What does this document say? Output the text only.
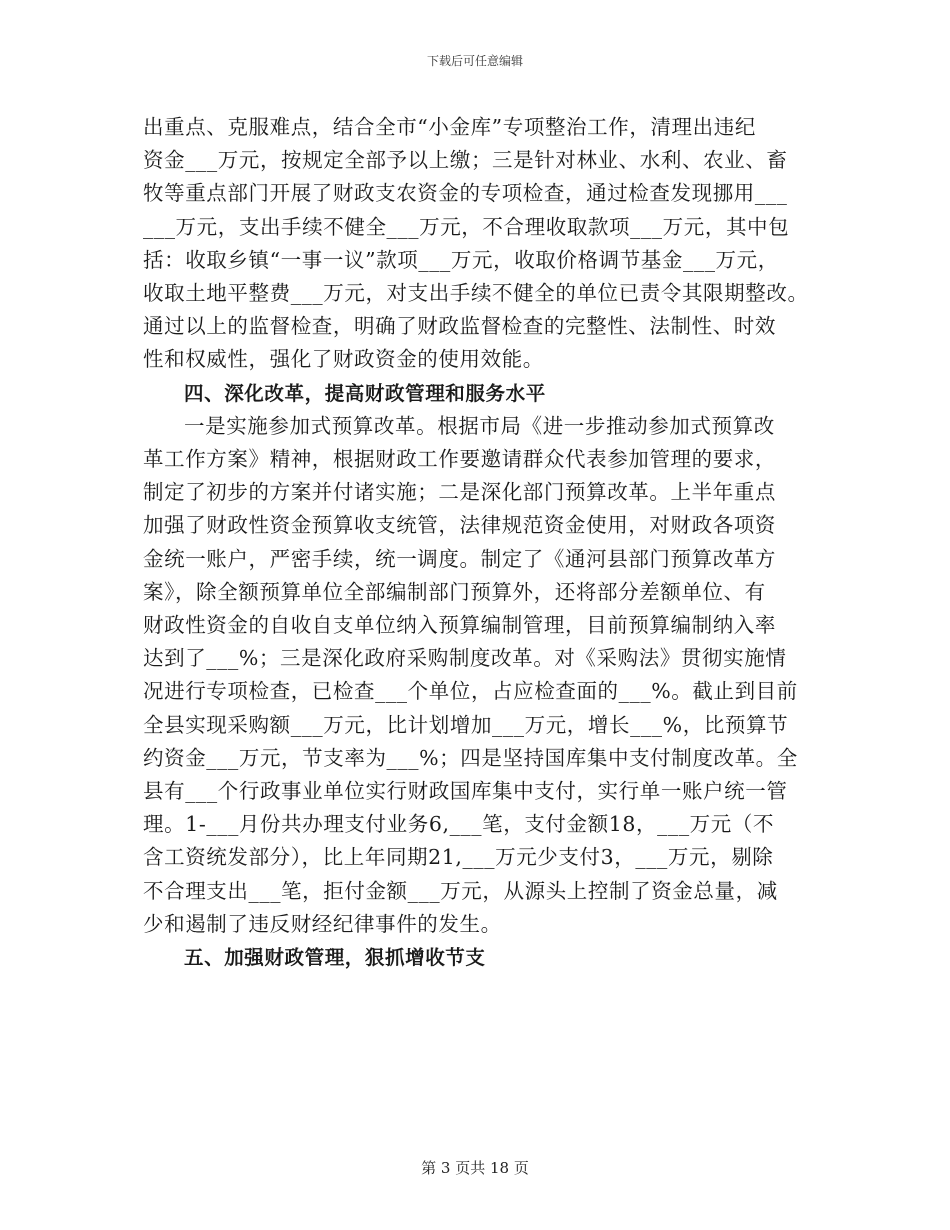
下载后可任意编辑

出重点、克服难点，结合全市“小金库”专项整治工作，清理出违纪

资金___万元，按规定全部予以上缴；三是针对林业、水利、农业、畜

牧等重点部门开展了财政支农资金的专项检查，通过检查发现挪用___

___万元，支出手续不健全___万元，不合理收取款项___万元，其中包

括：收取乡镇“一事一议”款项___万元，收取价格调节基金___万元，

收取土地平整费___万元，对支出手续不健全的单位已责令其限期整改。

通过以上的监督检查，明确了财政监督检查的完整性、法制性、时效

性和权威性，强化了财政资金的使用效能。

四、深化改革，提高财政管理和服务水平

一是实施参加式预算改革。根据市局《进一步推动参加式预算改

革工作方案》精神，根据财政工作要邀请群众代表参加管理的要求，

制定了初步的方案并付诸实施；二是深化部门预算改革。上半年重点

加强了财政性资金预算收支统管，法律规范资金使用，对财政各项资

金统一账户，严密手续，统一调度。制定了《通河县部门预算改革方

案》，除全额预算单位全部编制部门预算外，还将部分差额单位、有

财政性资金的自收自支单位纳入预算编制管理，目前预算编制纳入率

达到了___%；三是深化政府采购制度改革。对《采购法》贯彻实施情

况进行专项检查，已检查___个单位，占应检查面的___%。截止到目前

全县实现采购额___万元，比计划增加___万元，增长___%，比预算节

约资金___万元，节支率为___%；四是坚持国库集中支付制度改革。全

县有___个行政事业单位实行财政国库集中支付，实行单一账户统一管

理。1-___月份共办理支付业务6,___笔，支付金额18，___万元（不

含工资统发部分），比上年同期21,___万元少支付3，___万元，剔除

不合理支出___笔，拒付金额___万元，从源头上控制了资金总量，减

少和遏制了违反财经纪律事件的发生。

五、加强财政管理，狠抓增收节支

第 3 页共 18 页
